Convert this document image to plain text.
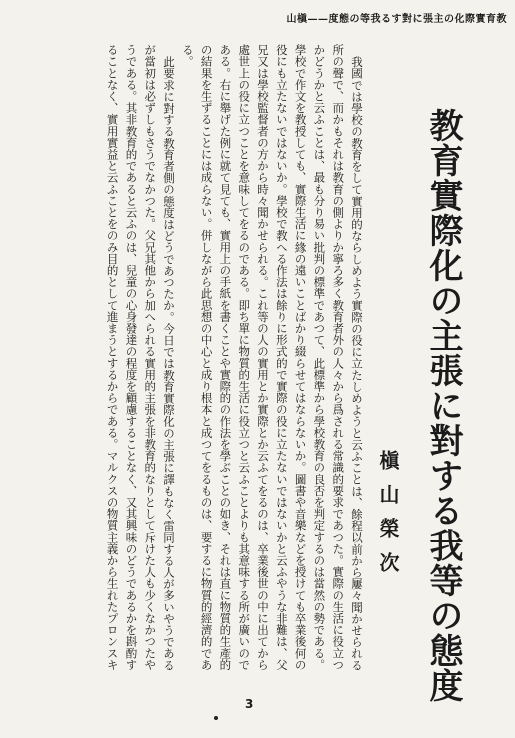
教育實際化の主張に對する我等の態度——槇山
教育實際化の主張に對する我等の態度
槇山榮次

我國では學校の教育をして實用的ならしめよう實際の役に立たしめようと云ふことは、餘程以前から屢々聞かせられる所の聲で、而かもそれは教育の側よりか寧ろ多く教育者外の人々から爲される常識的要求であつた。實際の生活に役立つかどうかと云ふことは、最も分り易い批判の標準であつて、此標準から學校教育の良否を判定するのは當然の勢である。學校で作文を教授しても、實際生活に緣の遠いことばかり綴らせてはならないか。圖書や音樂などを授けても卒業後何の役にも立たないではないか。學校で教へる作法は餘りに形式的で實際の役に立たないではないかと云ふやうな非難は、父兄又は學校監督者の方から時々聞かせられる。これ等の人の實用とか實際とか云ふてをるのは、卒業後世の中に出てから處世上の役に立つことを意味してをるのである。即ち單に物質的生活に役立つと云ふことよりも其意味する所が廣いのである。右に舉げた例に就て見ても、實用上の手紙を書くことや實際的の作法を學ぶことの如き、それは直に物質的生產的の結果を生ずることには成らない。併しながら此思想の中心と成り根本と成つてをるものは、要するに物質的經濟的である。

此要求に對する教育者側の態度はどうであつたか。今日では教育實際化の主張に譯もなく雷同する人が多いやうであるが當初は必ずしもさうでなかつた。父兄其他から加へられる實用的主張を非教育的なりとして斥けた人も少くなかつたやうである。其非教育的であると云ふのは、兒童の心身發達の程度を顧慮することなく、又其興味のどうであるかを斟酌することなく、實用實益と云ふことをのみ目的として進まうとするからである。マルクスの物質主義から生れたプロンスキ

3
